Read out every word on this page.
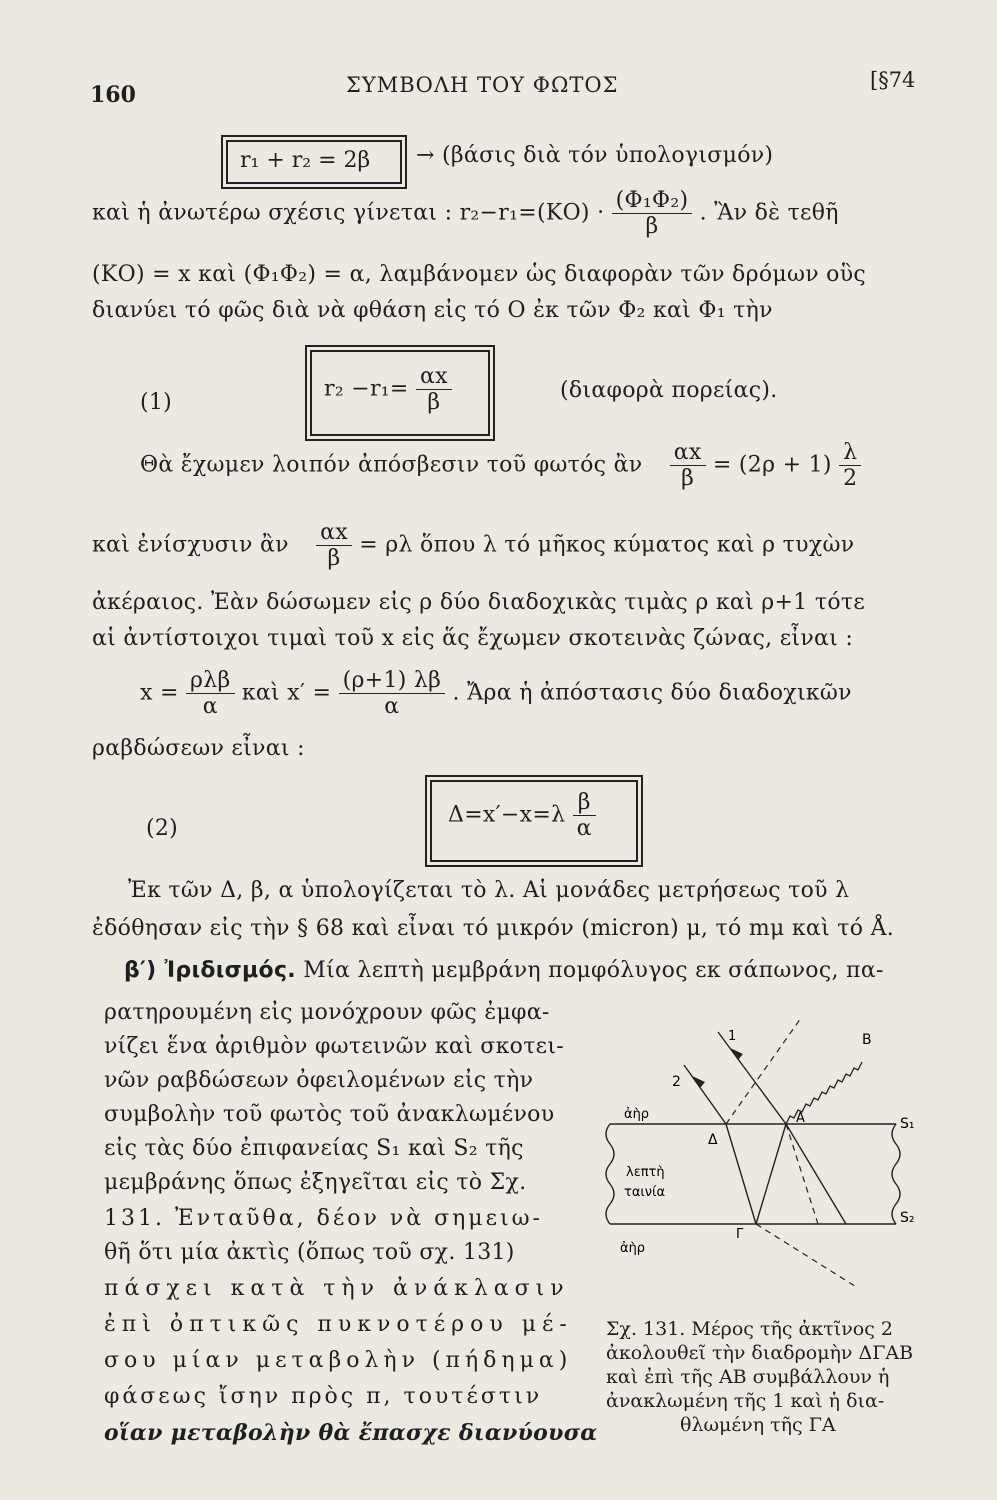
160	ΣΥΜΒΟΛΗ ΤΟΥ ΦΩΤΟΣ	[§74
r₁ + r₂ = 2β → (βάσις διὰ τόν ὑπολογισμόν)
καὶ ἡ ἀνωτέρω σχέσις γίνεται : $r_2-r_1=(KO) \cdot \frac{\text{(Φ₁Φ₂)}}{\beta}$ . Ἂν δὲ τεθῆ
(ΚΟ) = x καὶ (Φ₁Φ₂) = α, λαμβάνομεν ὡς διαφορὰν τῶν δρόμων οὓς
διανύει τό φῶς διὰ νὰ φθάση εἰς τό Ο ἐκ τῶν Φ₂ καὶ Φ₁ τὴν
(1)
$r_2 -r_1= \frac{\alpha x}{\beta}$	(διαφορὰ πορείας).
Θὰ ἔχωμεν λοιπόν ἀπόσβεσιν τοῦ φωτός ἂν $\frac{\alpha x}{\beta} = (2\rho + 1) \frac{\lambda}{2}$
καὶ ἐνίσχυσιν ἂν $\frac{\alpha x}{\beta} = \rho\lambda$ ὅπου λ τό μῆκος κύματος καὶ ρ τυχὼν
ἀκέραιος. Ἐὰν δώσωμεν εἰς ρ δύο διαδοχικὰς τιμὰς ρ καὶ ρ+1 τότε
αἱ ἀντίστοιχοι τιμαὶ τοῦ x εἰς ἅς ἔχωμεν σκοτεινὰς ζώνας, εἶναι :
$x = \frac{\text{ρλβ}}{\alpha}$ καὶ $x' = \frac{(\rho+1) \lambda\beta}{\alpha}$ . Ἄρα ἡ ἀπόστασις δύο διαδοχικῶν
ραβδώσεων εἶναι :
(2)
$\Delta=x'-x=\lambda \frac{\beta}{\alpha}$
Ἐκ τῶν Δ, β, α ὑπολογίζεται τὸ λ. Αἱ μονάδες μετρήσεως τοῦ λ
ἐδόθησαν εἰς τὴν § 68 καὶ εἶναι τό μικρόν (micron) μ, τό mμ καὶ τό Å.
β′) Ἰριδισμός. Μία λεπτὴ μεμβράνη πομφόλυγος εκ σάπωνος, πα-
ρατηρουμένη εἰς μονόχρουν φῶς ἐμφα-
νίζει ἕνα ἀριθμὸν φωτεινῶν καὶ σκοτει-
νῶν ραβδώσεων ὀφειλομένων εἰς τὴν
συμβολὴν τοῦ φωτὸς τοῦ ἀνακλωμένου
εἰς τὰς δύο ἐπιφανείας S₁ καὶ S₂ τῆς
μεμβράνης ὅπως ἐξηγεῖται εἰς τὸ Σχ.
131. Ἐνταῦθα, δέον νὰ σημειω-
θῆ ὅτι μία ἀκτὶς (ὅπως τοῦ σχ. 131)
πάσχει κατὰ τὴν ἀνάκλασιν
ἐπὶ ὀπτικῶς πυκνοτέρου μέ-
σου μίαν μεταβολὴν (πήδημα)
φάσεως ἴσην πρὸς π, τουτέστιν
οἵαν μεταβολὴν θὰ ἔπασχε διανύουσα
1
2
B
A
Δ
Γ
S₁
S₂
ἀὴρ
ἀὴρ
λεπτὴ
ταινία
Σχ. 131. Μέρος τῆς ἀκτῖνος 2
ἀκολουθεῖ τὴν διαδρομὴν ΔΓΑΒ
καὶ ἐπὶ τῆς ΑΒ συμβάλλουν ἡ
ἀνακλωμένη τῆς 1 καὶ ἡ δια-
θλωμένη τῆς ΓΑ
